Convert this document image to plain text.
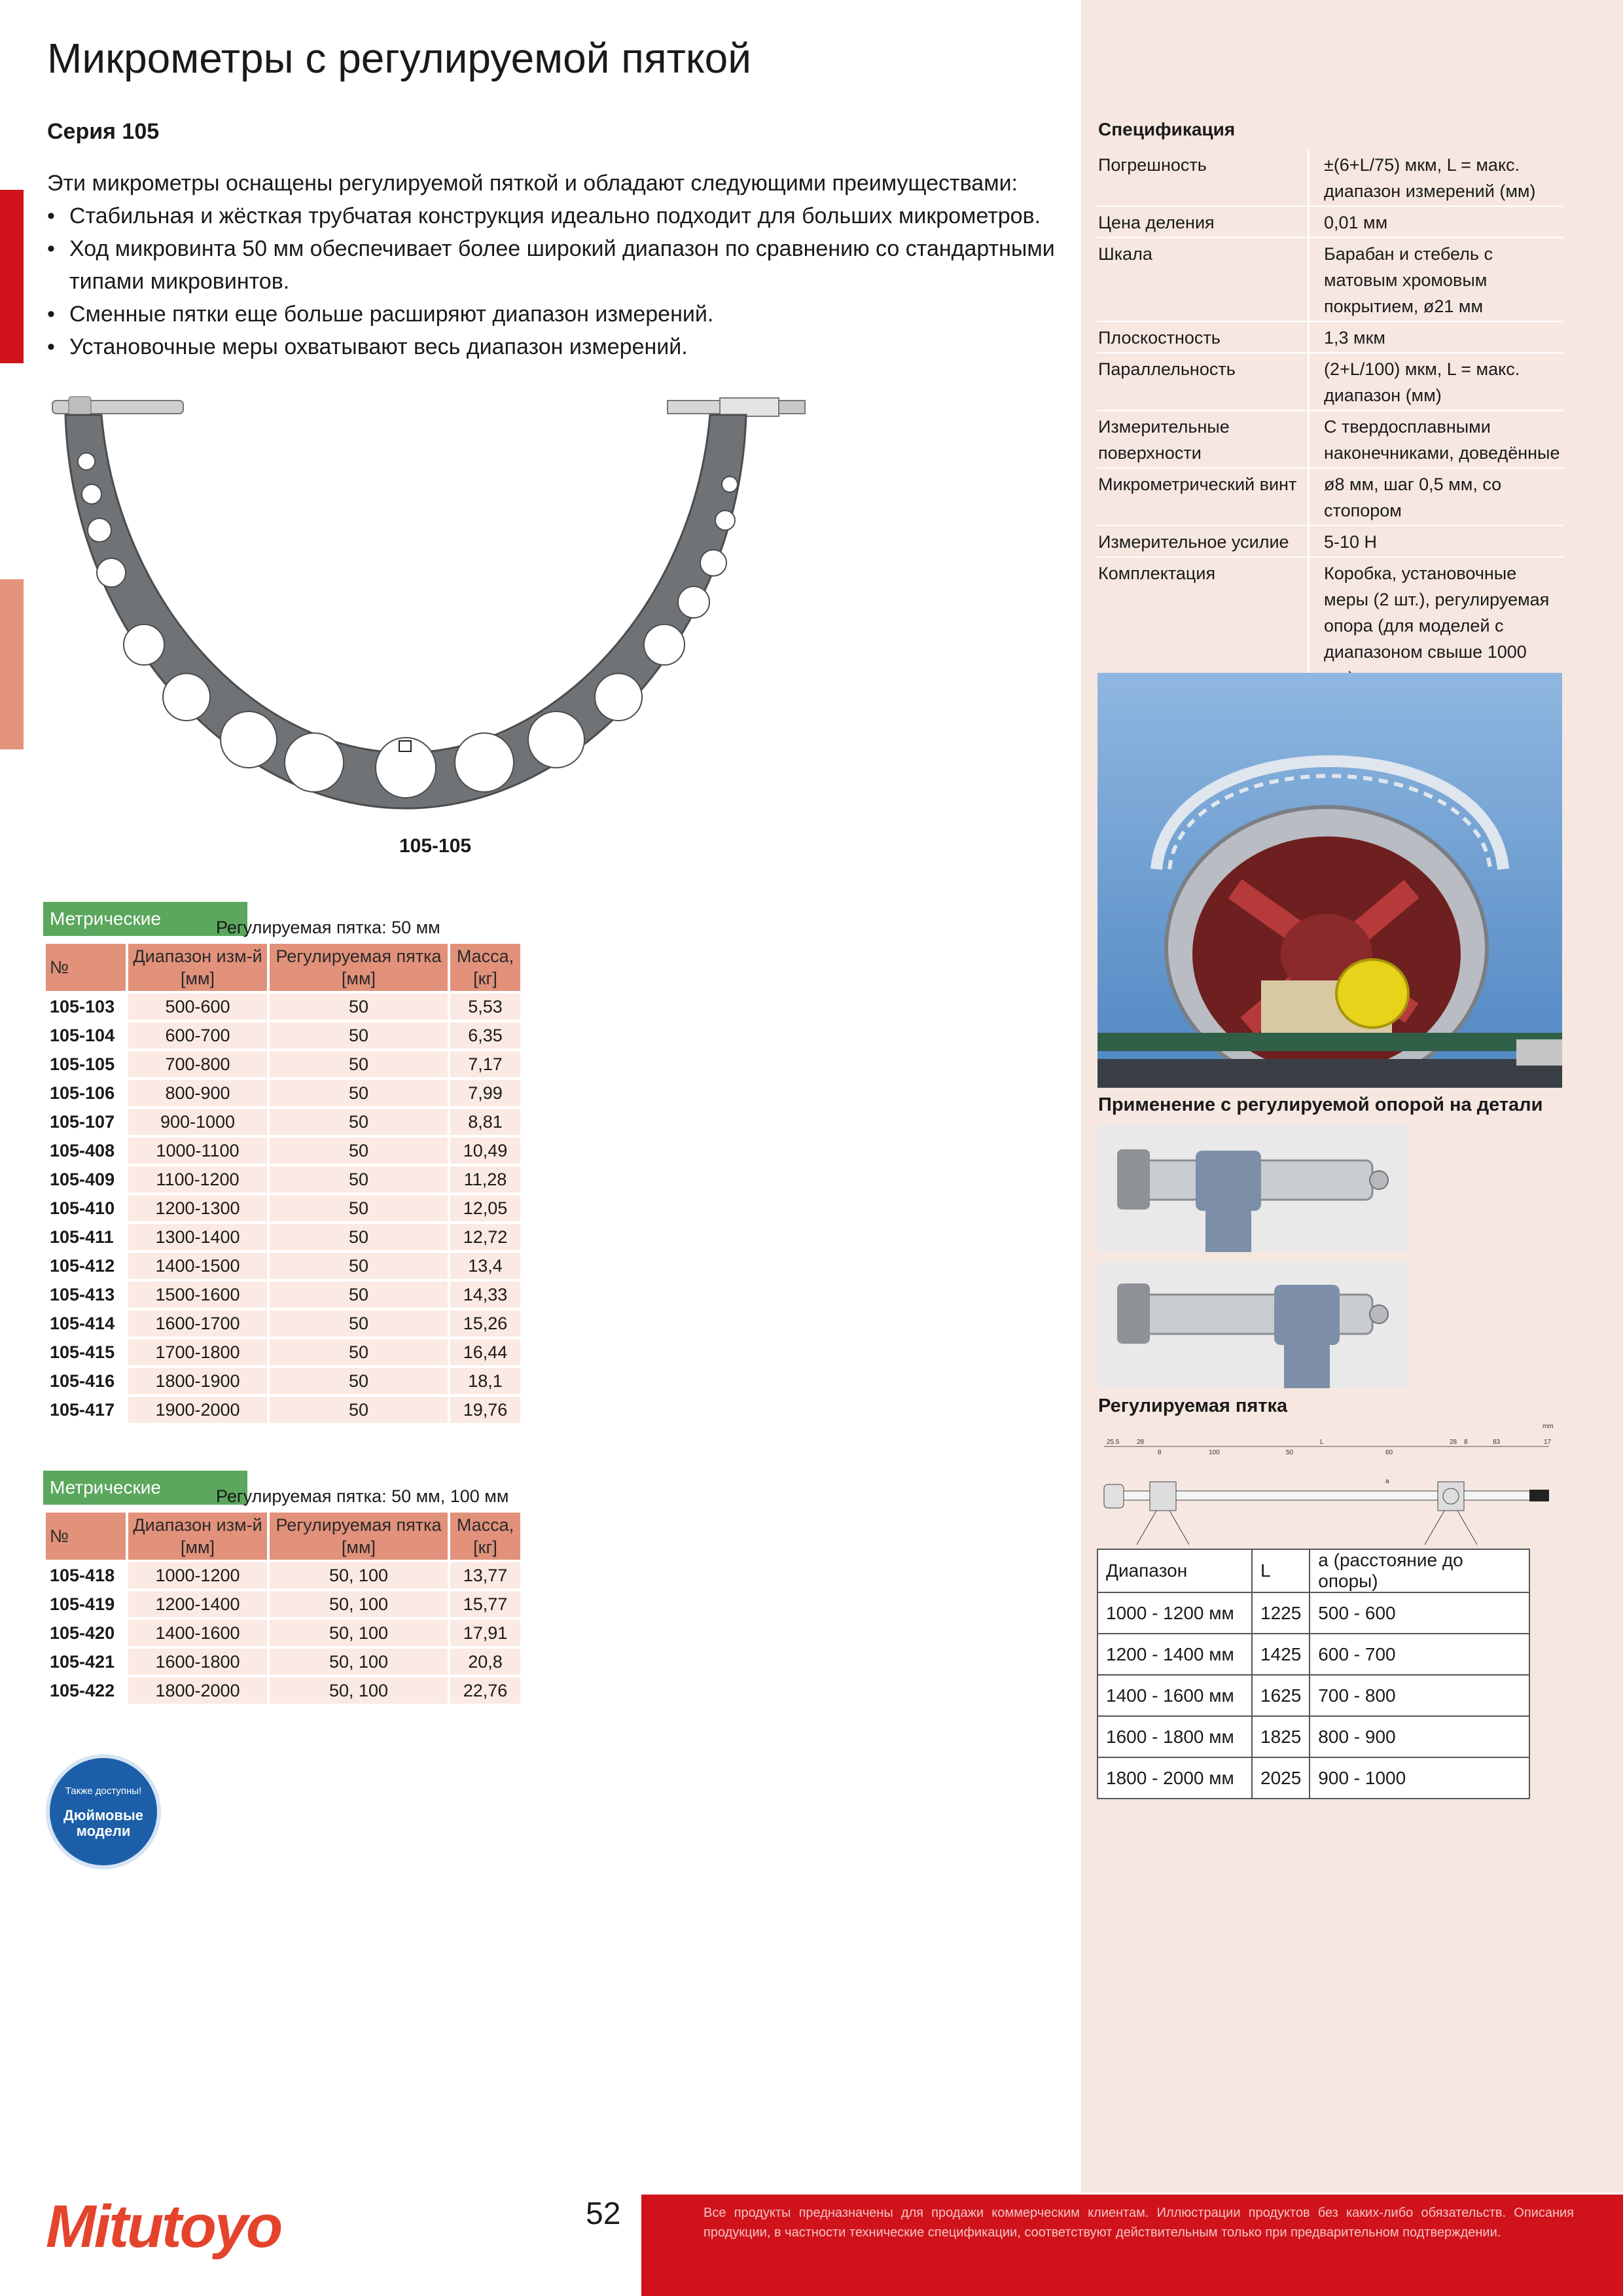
Микрометры с регулируемой пяткой
Серия 105
Эти микрометры оснащены регулируемой пяткой и обладают следующими преимуществами:
• Стабильная и жёсткая трубчатая конструкция идеально подходит для больших микрометров.
• Ход микровинта 50 мм обеспечивает более широкий диапазон по сравнению со стандартными типами микровинтов.
• Сменные пятки еще больше расширяют диапазон измерений.
• Установочные меры охватывают весь диапазон измерений.
105-105
Метрические	Регулируемая пятка: 50 мм
№	Диапазон изм-й [мм]	Регулируемая пятка [мм]	Масса, [кг]
105-103	500-600	50	5,53
105-104	600-700	50	6,35
105-105	700-800	50	7,17
105-106	800-900	50	7,99
105-107	900-1000	50	8,81
105-408	1000-1100	50	10,49
105-409	1100-1200	50	11,28
105-410	1200-1300	50	12,05
105-411	1300-1400	50	12,72
105-412	1400-1500	50	13,4
105-413	1500-1600	50	14,33
105-414	1600-1700	50	15,26
105-415	1700-1800	50	16,44
105-416	1800-1900	50	18,1
105-417	1900-2000	50	19,76
Метрические	Регулируемая пятка: 50 мм, 100 мм
№	Диапазон изм-й [мм]	Регулируемая пятка [мм]	Масса, [кг]
105-418	1000-1200	50, 100	13,77
105-419	1200-1400	50, 100	15,77
105-420	1400-1600	50, 100	17,91
105-421	1600-1800	50, 100	20,8
105-422	1800-2000	50, 100	22,76
Также доступны!
Дюймовые модели
Спецификация
Погрешность	±(6+L/75) мкм, L = макс. диапазон измерений (мм)
Цена деления	0,01 мм
Шкала	Барабан и стебель с матовым хромовым покрытием, ø21 мм
Плоскостность	1,3 мкм
Параллельность	(2+L/100) мкм, L = макс. диапазон (мм)
Измерительные поверхности	С твердосплавными наконечниками, доведённые
Микрометрический винт	ø8 мм, шаг 0,5 мм, со стопором
Измерительное усилие	5-10 Н
Комплектация	Коробка, установочные меры (2 шт.), регулируемая опора (для моделей с диапазоном свыше 1000
Применение с регулируемой опорой на детали
Регулируемая пятка
mm
25.5	28
8	100	50
L
60
28 8	83	17
a
Диапазон	L	а (расстояние до опоры)
1000 - 1200 мм	1225	500 - 600
1200 - 1400 мм	1425	600 - 700
1400 - 1600 мм	1625	700 - 800
1600 - 1800 мм	1825	800 - 900
1800 - 2000 мм	2025	900 - 1000
Mitutoyo	52	Все продукты предназначены для продажи коммерческим клиентам. Иллюстрации продуктов без каких-либо обязательств. Описания продукции, в частности технические спецификации, соответствуют действительным только при предварительном подтверждении.
